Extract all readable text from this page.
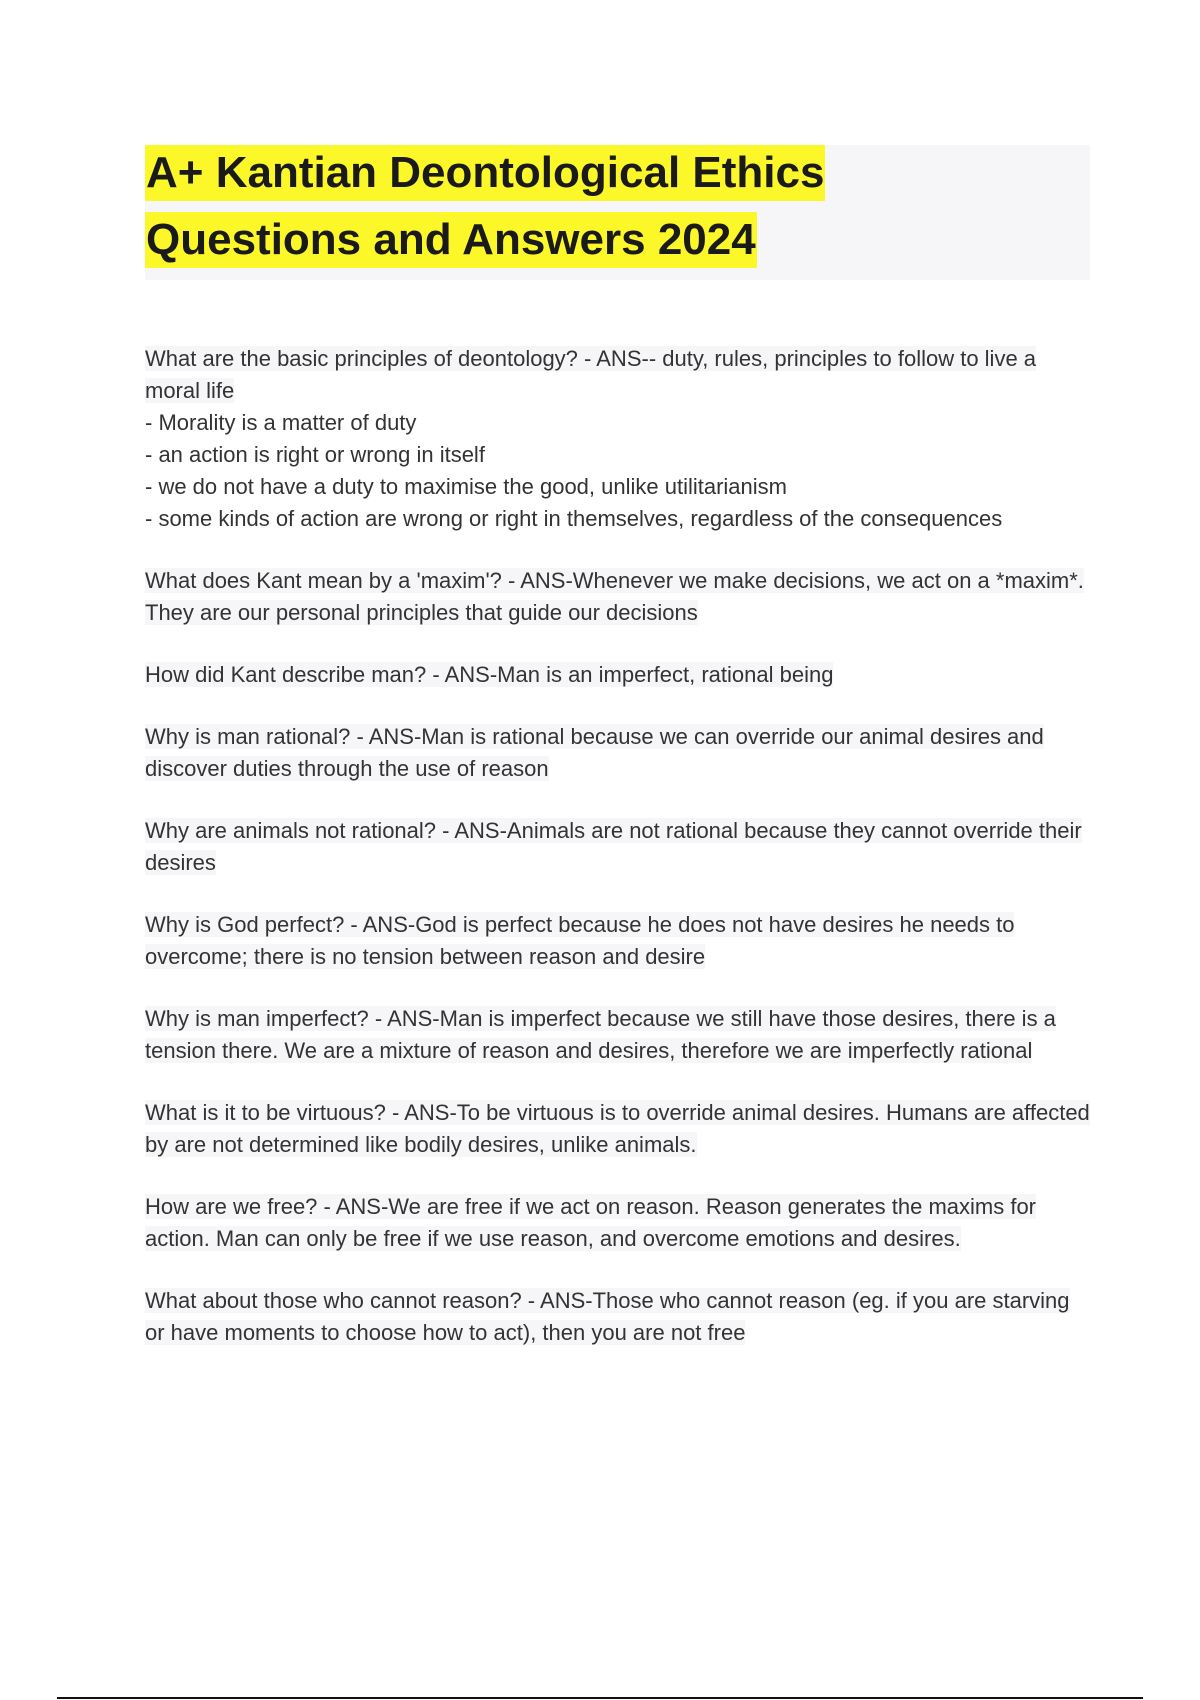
A+ Kantian Deontological Ethics
Questions and Answers 2024
What are the basic principles of deontology? - ANS-- duty, rules, principles to follow to live a moral life
- Morality is a matter of duty
- an action is right or wrong in itself
- we do not have a duty to maximise the good, unlike utilitarianism
- some kinds of action are wrong or right in themselves, regardless of the consequences
What does Kant mean by a 'maxim'? - ANS-Whenever we make decisions, we act on a *maxim*. They are our personal principles that guide our decisions
How did Kant describe man? - ANS-Man is an imperfect, rational being
Why is man rational? - ANS-Man is rational because we can override our animal desires and discover duties through the use of reason
Why are animals not rational? - ANS-Animals are not rational because they cannot override their desires
Why is God perfect? - ANS-God is perfect because he does not have desires he needs to overcome; there is no tension between reason and desire
Why is man imperfect? - ANS-Man is imperfect because we still have those desires, there is a tension there. We are a mixture of reason and desires, therefore we are imperfectly rational
What is it to be virtuous? - ANS-To be virtuous is to override animal desires. Humans are affected by are not determined like bodily desires, unlike animals.
How are we free? - ANS-We are free if we act on reason. Reason generates the maxims for action. Man can only be free if we use reason, and overcome emotions and desires.
What about those who cannot reason? - ANS-Those who cannot reason (eg. if you are starving or have moments to choose how to act), then you are not free
